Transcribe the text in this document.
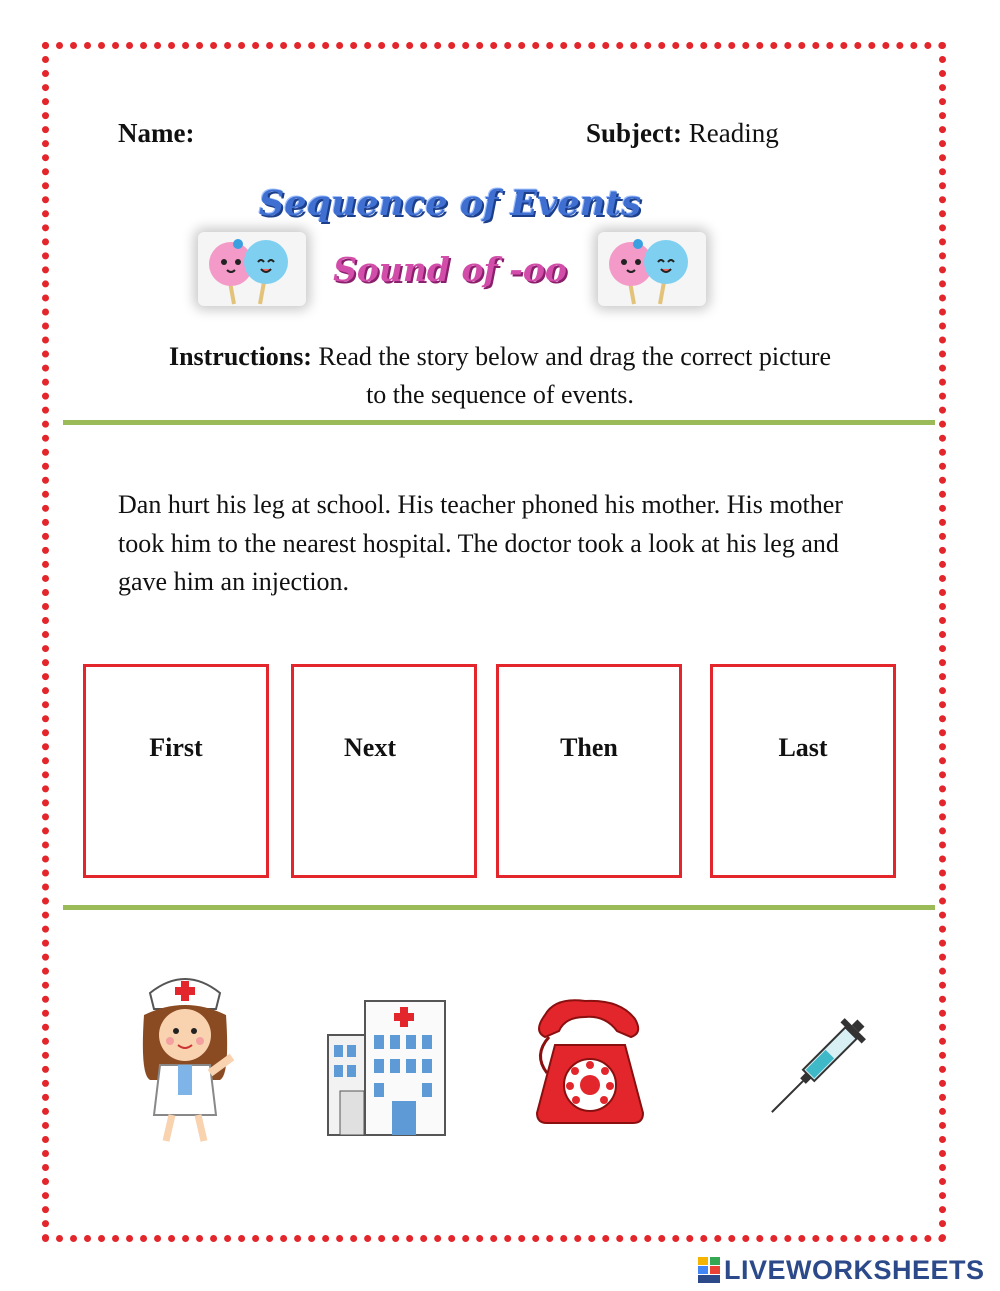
Name:	Subject: Reading
Sequence of Events
Sound of -oo
Instructions: Read the story below and drag the correct picture
to the sequence of events.
Dan hurt his leg at school. His teacher phoned his mother. His mother took him to the nearest hospital. The doctor took a look at his leg and gave him an injection.
First	Next	Then	Last
LIVEWORKSHEETS
